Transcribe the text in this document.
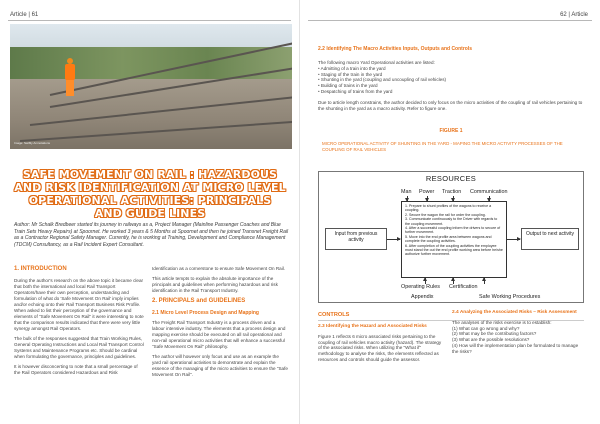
Article | 61
Image: Swiftly Amnotations
SAFE MOVEMENT ON RAIL : HAZARDOUS AND RISK IDENTIFICATION AT MICRO LEVEL OPERATIONAL ACTIVITIES: PRINCIPALS AND GUIDE LINES
Author: Mr Schalk Bredbeer started its journey in railways as a, Project Manager (Mainline Passenger Coaches and Blue Train Sets Heavy Repairs) at Spoornet. He worked 3 years & 5 Months at Spoornet and then he joined Transnet Freight Rail as a Contractor Regional Safety Manager. Currently, he is working at Training, Development and Compliance Management (TDCM) Consultancy, as a Rail Incident Expert Consultant.
1. INTRODUCTION

During the author's research on the above topic it became clear that both the international and local Rail Transport Operators/have their own perception, understanding and formulation of what do 'Safe Movement On Rail' imply implies and/or echoing onto their Rail Transport Business Risk Profile. When asked to list their perception of the governance and elements of "Safe Movement On Rail" it were interesting to note that the comparison results indicated that there were very little synergy amongst Rail Operators.

The bulk of the responses suggested that Train Working Rules, General Operating Instructions and Local Rail Transport Control Systems and Maintenance Programs etc. Should be cardinal when formulating the governance, principles and guidelines.

It is however disconcerting to note that a small percentage of the Rail Operators considered Hazardous and Risk

Identification as a cornerstone to ensure Safe Movement On Rail.

This article tempts to explain the absolute importance of the principals and guidelines when performing hazardous and risk identification in the Rail Transport Industry.

2. PRINCIPALS and GUIDELINES
2.1 Micro Level Process Design and Mapping

The Freight Rail Transport Industry is a process driven and a labour intensive industry. The elements that a process design and mapping exercise should be executed on all rail operational and non-rail operational micro activities that will enhance a successful "Safe Movement On Rail" philosophy.

The author will however only focus and use as an example the yard rail operational activities to demonstrate and explain the essence of the managing of the micro activities to ensure the "Safe Movement On Rail".

62 | Article
2.2 Identifying The Macro Activities Inputs, Outputs and Controls
The following macro Yard Operational activities are listed:
• Admitting of a train into the yard
• Staging of the train in the yard
• Shunting in the yard (coupling and uncoupling of rail vehicles)
• Building of trains in the yard
• Despatching of trains from the yard
Due to article length constrains, the author decided to only focus on the micro activities of the coupling of rail vehicles pertaining to the shunting in the yard as a macro activity. Refer to figure one.
FIGURE 1
MICRO OPERATIONAL ACTIVITY OF SHUNTING IN THE YARD - MAPING THE MICRO ACTIVITY PROCESSES OF THE COUPLING OF RAIL VEHICLES
RESOURCES
Man Power Traction Communication
1. Prepare to shunt profiles of the wagons to receive a coupling.
2. Secure the wagon the rail for order the coupling.
3. Communicate continuously to the Driver with regards to the coupling movement.
4. After a successful coupling inform the drivers to secure of further movement.
5. Move into the end profile area between wagons and complete the coupling activities.
6. After completion of the coupling activities the employee must stand the out the end profile working area before he/she authorize further movement.
Input from previous activity
Output to next activity
Operating Rules Certification
Appendix	Safe Working Procedures
CONTROLS
2.3 Identifying the Hazard and Associated Risks
Figure 1 reflects 6 micro associated risks pertaining to the coupling of rail vehicles macro activity (hazard). The strategy of the associated risks. When utilizing the "What if" methodology to analyse the risks, the elements reflected as resources and controls should guide the assessor.
2.4 Analyzing the Associated Risks – Risk Assessment
The analyses of the risks exercise is to establish:
(1) What can go wrong and why?
(2) What may be the contributing factors?
(3) What are the possible resolutions?
(4) How will the implementation plan be formulated to manage the risks?
